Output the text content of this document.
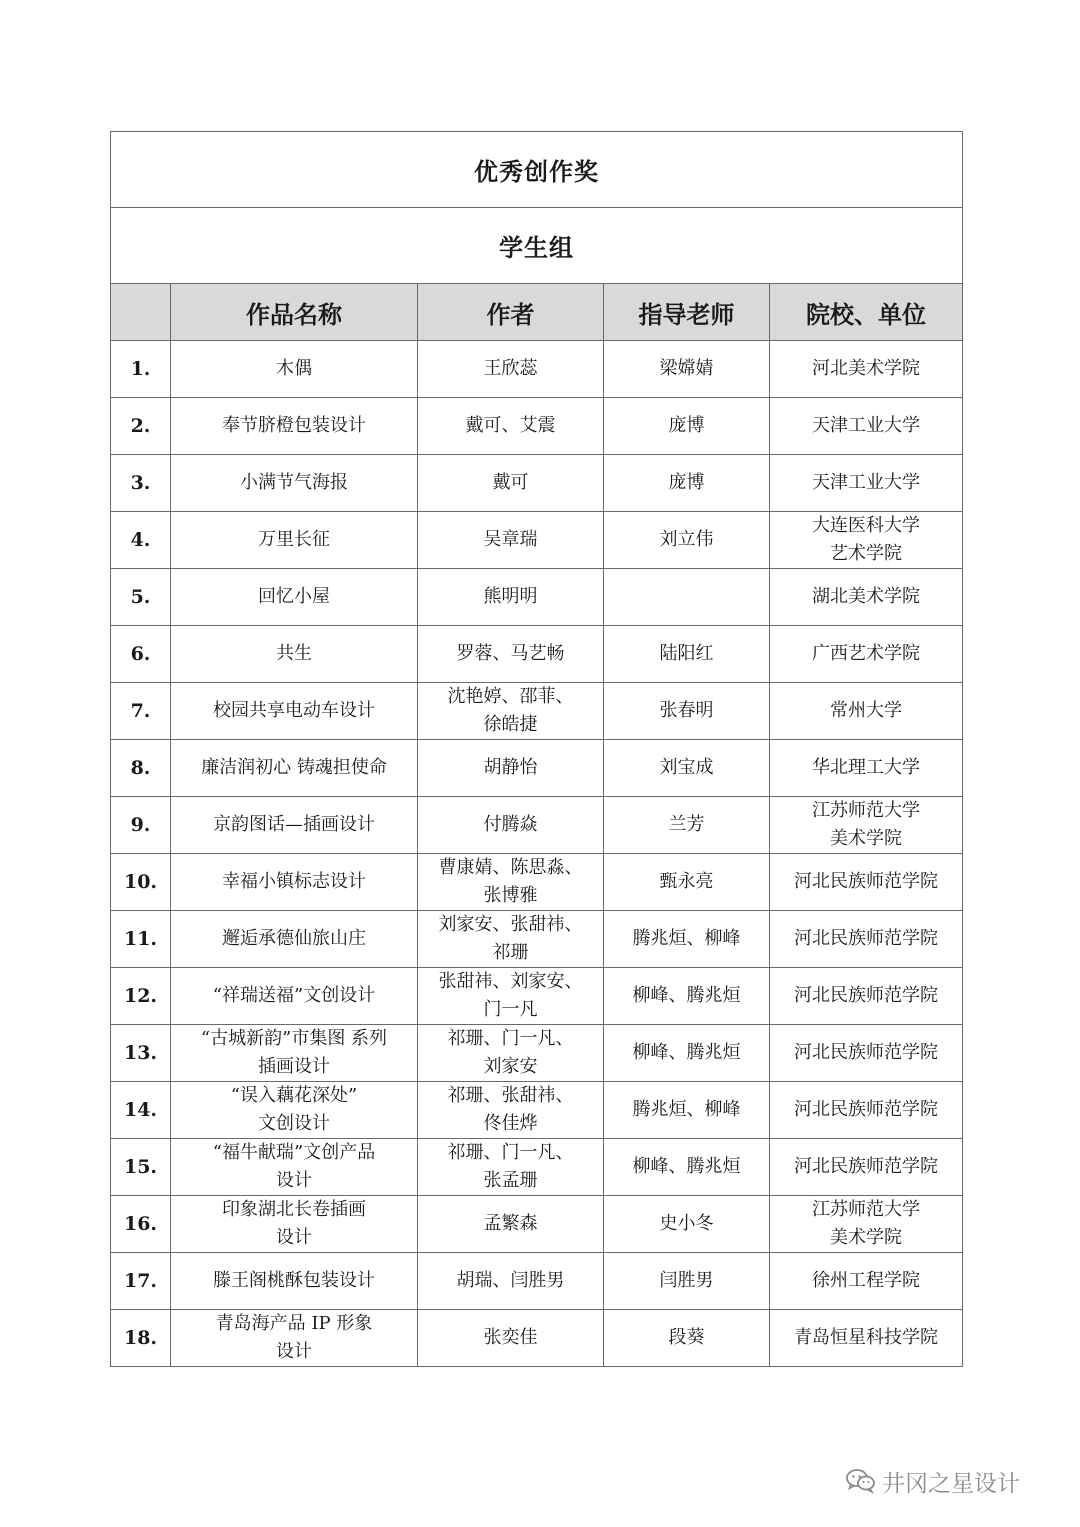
优秀创作奖				
学生组				
	作品名称	作者	指导老师	院校、单位
1.	木偶	王欣蕊	梁嫦婧	河北美术学院
2.	奉节脐橙包装设计	戴可、艾震	庞博	天津工业大学
3.	小满节气海报	戴可	庞博	天津工业大学
4.	万里长征	吴章瑞	刘立伟	大连医科大学
艺术学院
5.	回忆小屋	熊明明		湖北美术学院
6.	共生	罗蓉、马艺畅	陆阳红	广西艺术学院
7.	校园共享电动车设计	沈艳婷、邵菲、
徐皓捷	张春明	常州大学
8.	廉洁润初心 铸魂担使命	胡静怡	刘宝成	华北理工大学
9.	京韵图话—插画设计	付腾焱	兰芳	江苏师范大学
美术学院
10.	幸福小镇标志设计	曹康婧、陈思淼、
张博雅	甄永亮	河北民族师范学院
11.	邂逅承德仙旅山庄	刘家安、张甜祎、
祁珊	腾兆烜、柳峰	河北民族师范学院
12.	“祥瑞送福”文创设计	张甜祎、刘家安、
门一凡	柳峰、腾兆烜	河北民族师范学院
13.	“古城新韵”市集图 系列
插画设计	祁珊、门一凡、
刘家安	柳峰、腾兆烜	河北民族师范学院
14.	“误入藕花深处”
文创设计	祁珊、张甜祎、
佟佳烨	腾兆烜、柳峰	河北民族师范学院
15.	“福牛献瑞”文创产品
设计	祁珊、门一凡、
张孟珊	柳峰、腾兆烜	河北民族师范学院
16.	印象湖北长卷插画
设计	孟繁森	史小冬	江苏师范大学
美术学院
17.	滕王阁桃酥包装设计	胡瑞、闫胜男	闫胜男	徐州工程学院
18.	青岛海产品 IP 形象
设计	张奕佳	段葵	青岛恒星科技学院
井冈之星设计
